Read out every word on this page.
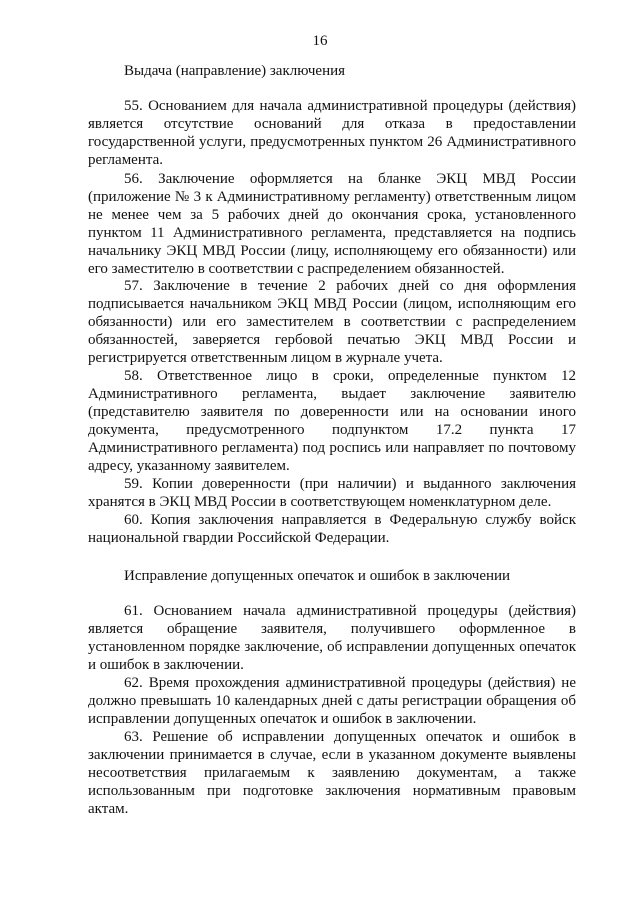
16
Выдача (направление) заключения

55. Основанием для начала административной процедуры (действия) является отсутствие оснований для отказа в предоставлении государственной услуги, предусмотренных пунктом 26 Административного регламента.

56. Заключение оформляется на бланке ЭКЦ МВД России (приложение № 3 к Административному регламенту) ответственным лицом не менее чем за 5 рабочих дней до окончания срока, установленного пунктом 11 Административного регламента, представляется на подпись начальнику ЭКЦ МВД России (лицу, исполняющему его обязанности) или его заместителю в соответствии с распределением обязанностей.

57. Заключение в течение 2 рабочих дней со дня оформления подписывается начальником ЭКЦ МВД России (лицом, исполняющим его обязанности) или его заместителем в соответствии с распределением обязанностей, заверяется гербовой печатью ЭКЦ МВД России и регистрируется ответственным лицом в журнале учета.

58. Ответственное лицо в сроки, определенные пунктом 12 Административного регламента, выдает заключение заявителю (представителю заявителя по доверенности или на основании иного документа, предусмотренного подпунктом 17.2 пункта 17 Административного регламента) под роспись или направляет по почтовому адресу, указанному заявителем.

59. Копии доверенности (при наличии) и выданного заключения хранятся в ЭКЦ МВД России в соответствующем номенклатурном деле.

60. Копия заключения направляется в Федеральную службу войск национальной гвардии Российской Федерации.

Исправление допущенных опечаток и ошибок в заключении

61. Основанием начала административной процедуры (действия) является обращение заявителя, получившего оформленное в установленном порядке заключение, об исправлении допущенных опечаток и ошибок в заключении.

62. Время прохождения административной процедуры (действия) не должно превышать 10 календарных дней с даты регистрации обращения об исправлении допущенных опечаток и ошибок в заключении.

63. Решение об исправлении допущенных опечаток и ошибок в заключении принимается в случае, если в указанном документе выявлены несоответствия прилагаемым к заявлению документам, а также использованным при подготовке заключения нормативным правовым актам.
